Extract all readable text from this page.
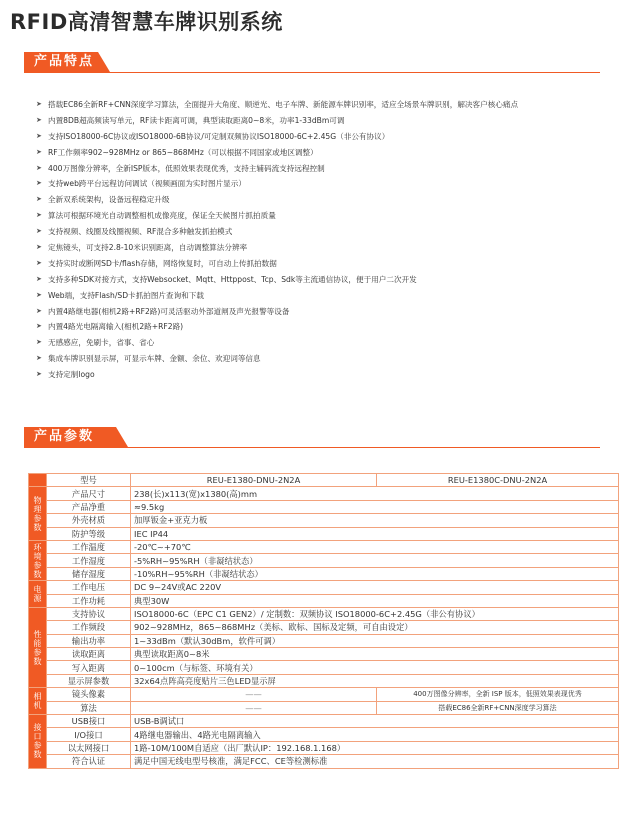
RFID高清智慧车牌识别系统
产品特点
➤ 搭载EC86全新RF+CNN深度学习算法，全面提升大角度、顺逆光、电子车牌、新能源车牌识别率，适应全场景车牌识别，解决客户核心痛点
➤ 内置8DB超高频读写单元，RF读卡距离可调，典型读取距离0~8米，功率1-33dBm可调
➤ 支持ISO18000-6C协议或ISO18000-6B协议/可定制双频协议ISO18000-6C+2.45G（非公有协议）
➤ RF工作频率902~928MHz or 865~868MHz（可以根据不同国家或地区调整）
➤ 400万图像分辨率，全新ISP版本，低照效果表现优秀，支持主辅码流支持远程控制
➤ 支持web跨平台远程访问调试（视频画面为实时图片显示）
➤ 全新双系统架构，设备远程稳定升级
➤ 算法可根据环境光自动调整相机成像亮度，保证全天候图片抓拍质量
➤ 支持视频、线圈及线圈视频、RF混合多种触发抓拍模式
➤ 定焦镜头，可支持2.8-10米识别距离，自动调整算法分辨率
➤ 支持实时或断网SD卡/flash存储，网络恢复时，可自动上传抓拍数据
➤ 支持多种SDK对接方式，支持Websocket、Mqtt、Httppost、Tcp、Sdk等主流通信协议，便于用户二次开发
➤ Web端，支持Flash/SD卡抓拍图片查询和下载
➤ 内置4路继电器(相机2路+RF2路)可灵活驱动外部道闸及声光报警等设备
➤ 内置4路光电隔离输入(相机2路+RF2路)
➤ 无感感应，免刷卡，省事、省心
➤ 集成车牌识别显示屏，可显示车牌、金额、余位、欢迎词等信息
➤ 支持定制logo
产品参数
	型号	REU-E1380-DNU-2N2A	REU-E1380C-DNU-2N2A
物理参数	产品尺寸	238(长)x113(宽)x1380(高)mm	
	产品净重	≈9.5kg	
	外壳材质	加厚钣金+亚克力板	
	防护等级	IEC IP44	
环境参数	工作温度	-20℃~+70℃	
	工作湿度	-5%RH~95%RH（非凝结状态）	
	储存湿度	-10%RH~95%RH（非凝结状态）	
电源	工作电压	DC 9~24V或AC 220V	
	工作功耗	典型30W	
性能参数	支持协议	ISO18000-6C（EPC C1 GEN2）/ 定制数：双频协议 ISO18000-6C+2.45G（非公有协议）	
	工作频段	902~928MHz，865~868MHz（美标、欧标、国标及定频，可自由设定）	
	输出功率	1~33dBm（默认30dBm，软件可调）	
	读取距离	典型读取距离0~8米	
	写入距离	0~100cm（与标签、环境有关）	
	显示屏参数	32x64点阵高亮度贴片三色LED显示屏	
相机	镜头像素	——	400万图像分辨率，全新 ISP 版本，低照效果表现优秀
	算法	——	搭载EC86全新RF+CNN深度学习算法
接口参数	USB接口	USB-B调试口	
	I/O接口	4路继电器输出、4路光电隔离输入	
	以太网接口	1路-10M/100M自适应（出厂默认IP：192.168.1.168）	
	符合认证	满足中国无线电型号核准，满足FCC、CE等检测标准	
